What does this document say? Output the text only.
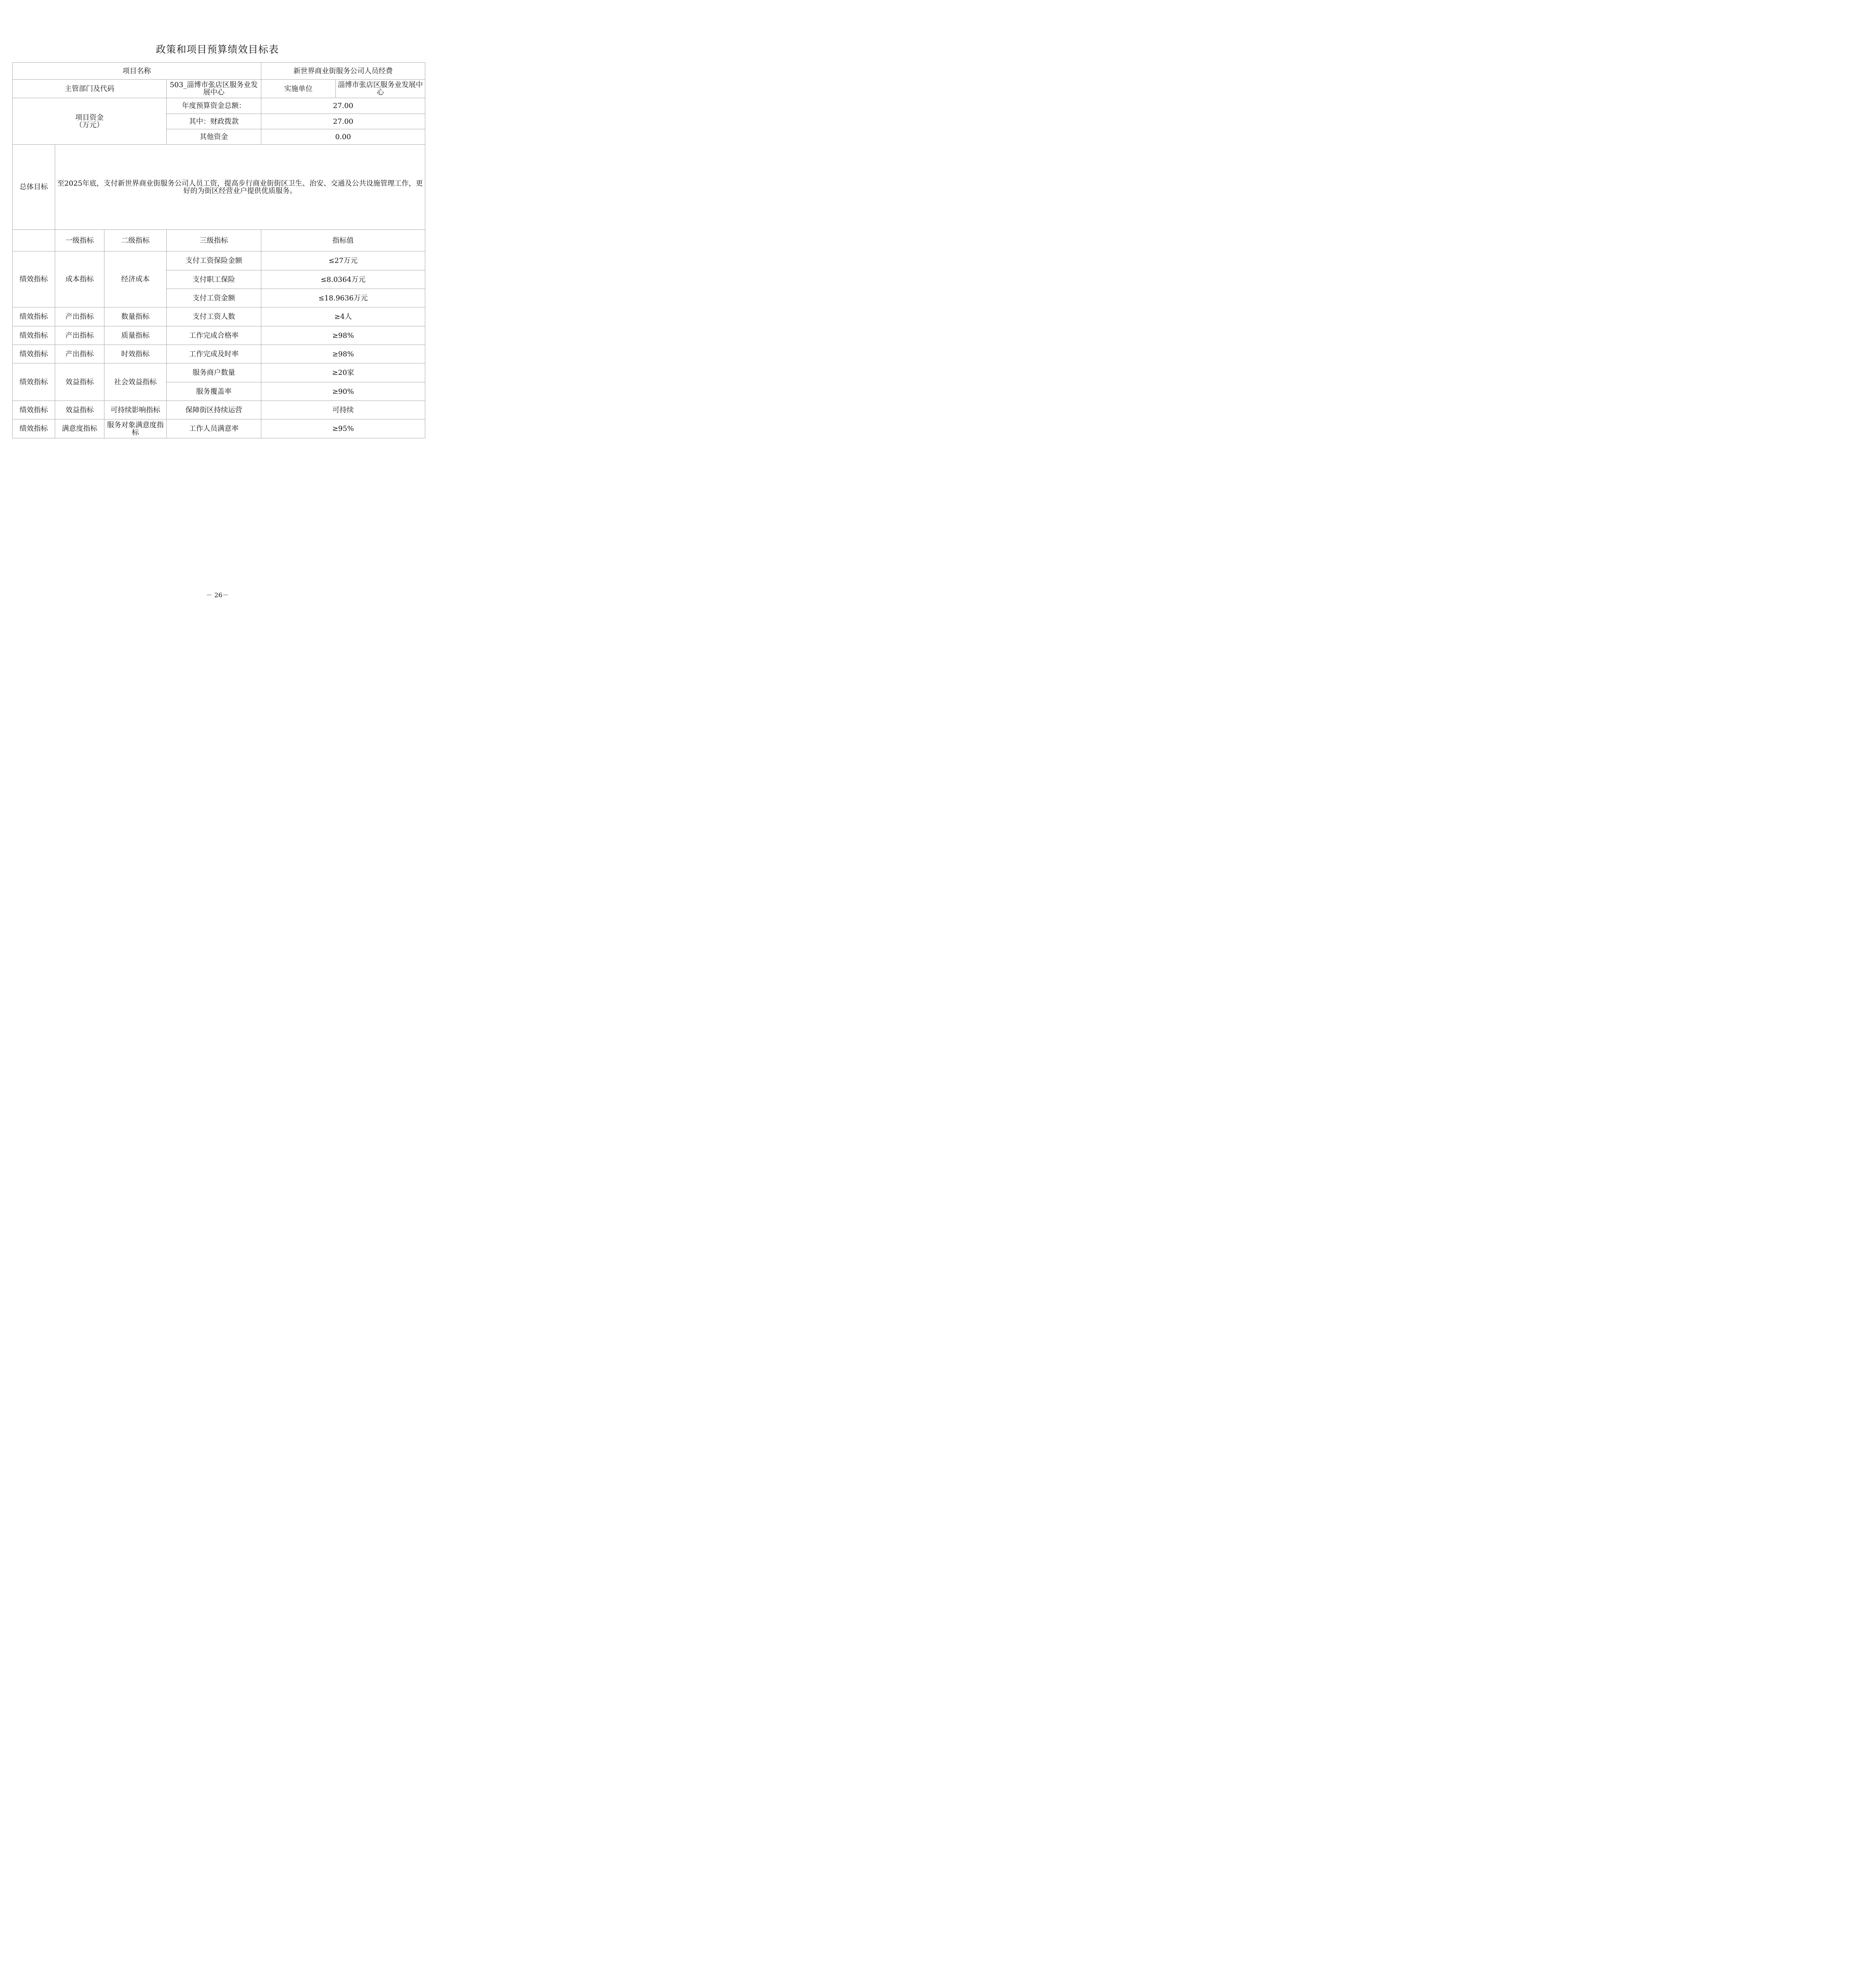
政策和项目预算绩效目标表
项目名称				新世界商业街服务公司人员经费	
主管部门及代码			503_淄博市张店区服务业发展中心	实施单位	淄博市张店区服务业发展中心

项目资金
（万元）			年度预算资金总额：	27.00	
			其中：财政拨款	27.00	
			其他资金	0.00	
总体目标	至2025年底，支付新世界商业街服务公司人员工资，提高步行商业街街区卫生、治安、交通及公共设施管理工作，更好的为街区经营业户提供优质服务。				
	一级指标	二级指标	三级指标	指标值	
绩效指标	成本指标	经济成本	支付工资保险金额	≤27万元	
			支付职工保险	≤8.0364万元	
			支付工资金额	≤18.9636万元	
绩效指标	产出指标	数量指标	支付工资人数	≥4人	
绩效指标	产出指标	质量指标	工作完成合格率	≥98%	
绩效指标	产出指标	时效指标	工作完成及时率	≥98%	
绩效指标	效益指标	社会效益指标	服务商户数量	≥20家	
			服务覆盖率	≥90%	
绩效指标	效益指标	可持续影响指标	保障街区持续运营	可持续	
绩效指标	满意度指标	服务对象满意度指标	工作人员满意率	≥95%	
－ 26－
